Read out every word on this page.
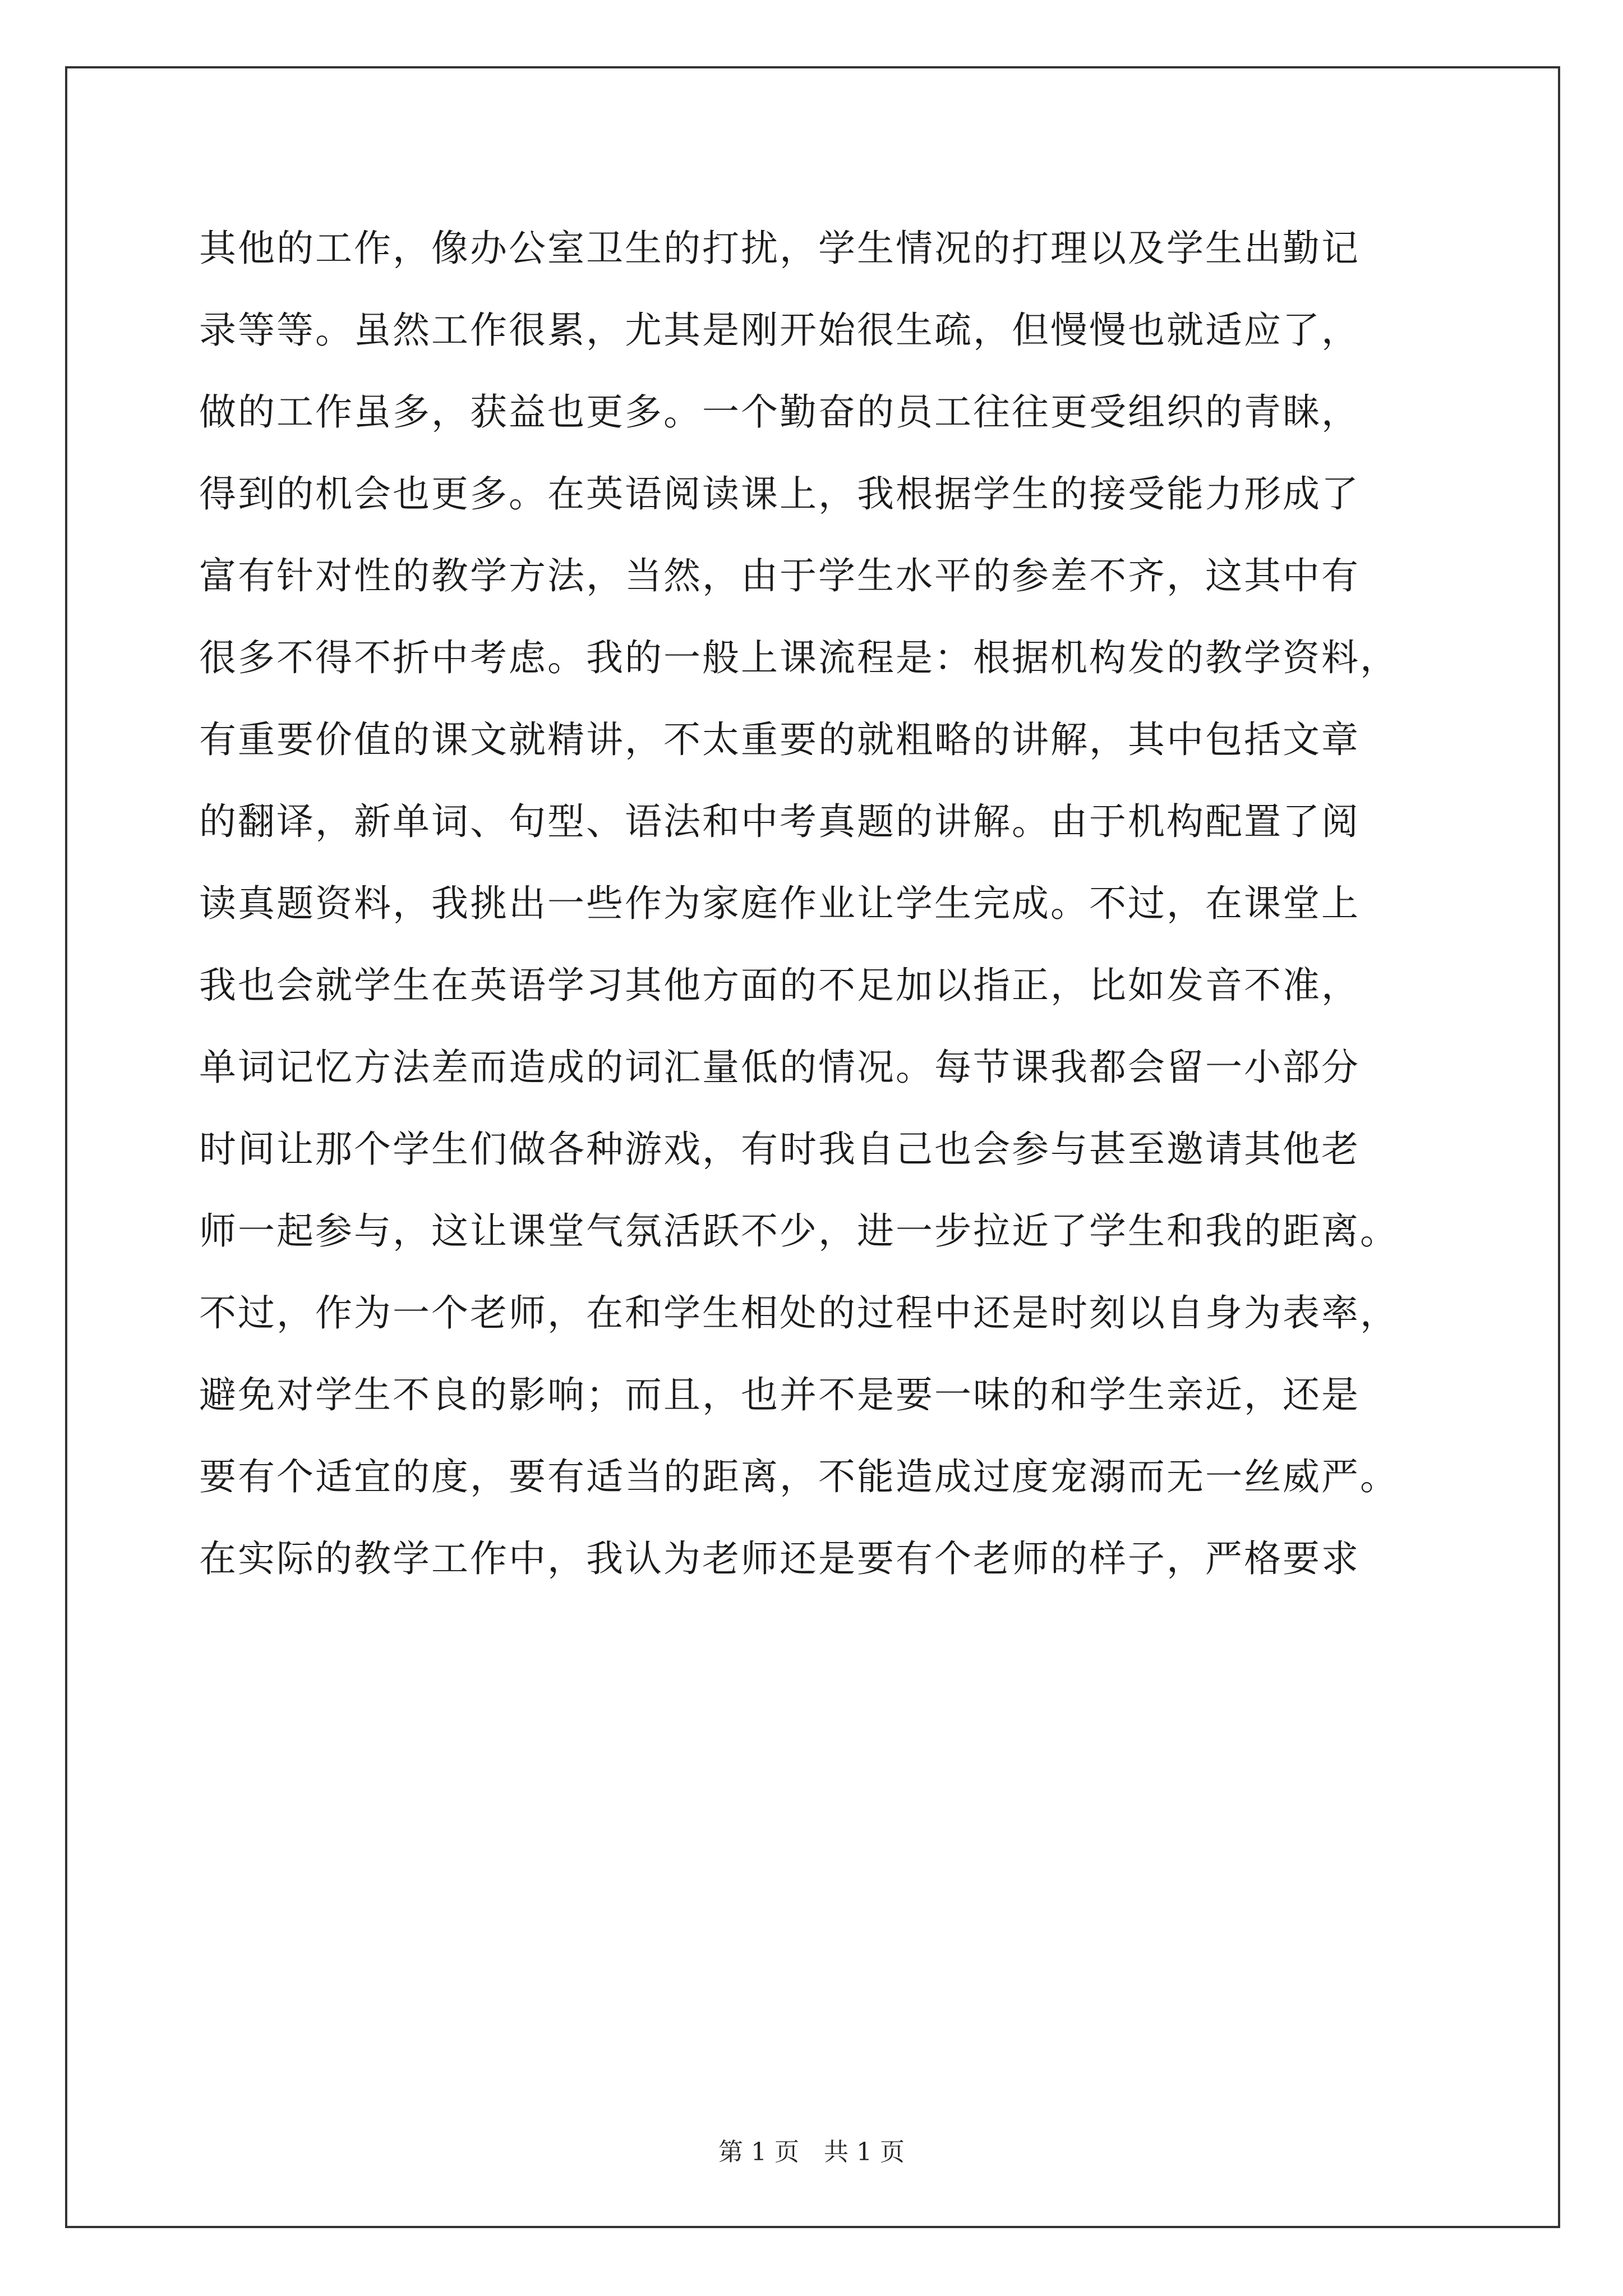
其他的工作，像办公室卫生的打扰，学生情况的打理以及学生出勤记
录等等。虽然工作很累，尤其是刚开始很生疏，但慢慢也就适应了，
做的工作虽多，获益也更多。一个勤奋的员工往往更受组织的青睐，
得到的机会也更多。在英语阅读课上，我根据学生的接受能力形成了
富有针对性的教学方法，当然，由于学生水平的参差不齐，这其中有
很多不得不折中考虑。我的一般上课流程是：根据机构发的教学资料，
有重要价值的课文就精讲，不太重要的就粗略的讲解，其中包括文章
的翻译，新单词、句型、语法和中考真题的讲解。由于机构配置了阅
读真题资料，我挑出一些作为家庭作业让学生完成。不过，在课堂上
我也会就学生在英语学习其他方面的不足加以指正，比如发音不准，
单词记忆方法差而造成的词汇量低的情况。每节课我都会留一小部分
时间让那个学生们做各种游戏，有时我自己也会参与甚至邀请其他老
师一起参与，这让课堂气氛活跃不少，进一步拉近了学生和我的距离。
不过，作为一个老师，在和学生相处的过程中还是时刻以自身为表率，
避免对学生不良的影响；而且，也并不是要一味的和学生亲近，还是
要有个适宜的度，要有适当的距离，不能造成过度宠溺而无一丝威严。
在实际的教学工作中，我认为老师还是要有个老师的样子，严格要求
第 1 页　共 1 页
